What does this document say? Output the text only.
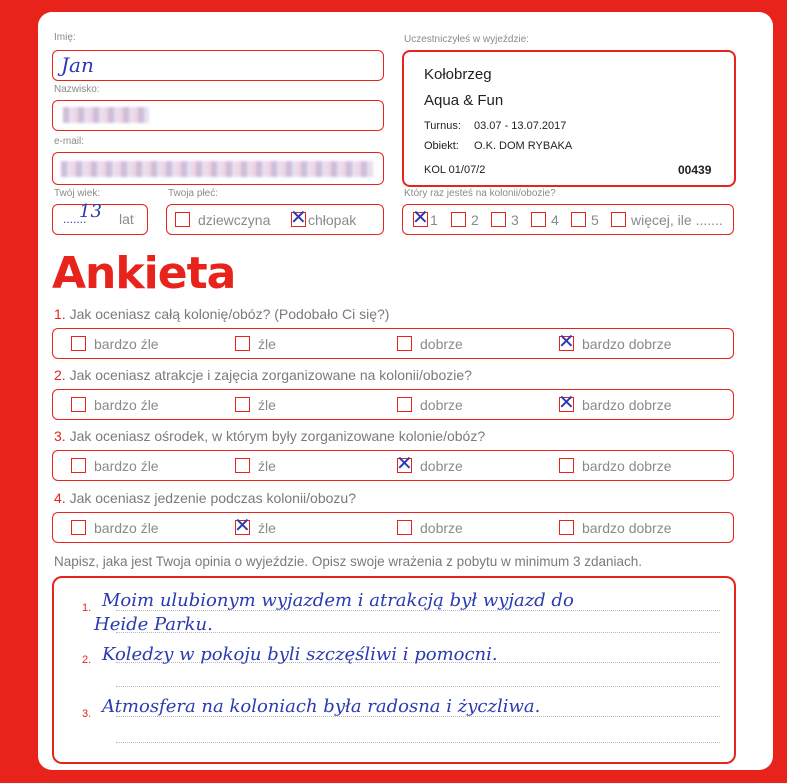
Imię:
Jan
Nazwisko:
e-mail:
Twój wiek:
13
....... lat
Twoja płeć:
dziewczyna ✕	chłopak
Uczestniczyłeś w wyjeździe:
Kołobrzeg
Aqua & Fun
Turnus: 03.07 - 13.07.2017
Obiekt: O.K. DOM RYBAKA
KOL 01/07/2	00439
Który raz jesteś na kolonii/obozie?
✕
1 2 3 4 5 więcej, ile .......
Ankieta
1. Jak oceniasz całą kolonię/obóz? (Podobało Ci się?)
bardzo źle	źle	dobrze ✕	bardzo dobrze
2. Jak oceniasz atrakcje i zajęcia zorganizowane na kolonii/obozie?
bardzo źle	źle	dobrze ✕	bardzo dobrze
3. Jak oceniasz ośrodek, w którym były zorganizowane kolonie/obóz?
bardzo źle	źle ✕	dobrze	bardzo dobrze
4. Jak oceniasz jedzenie podczas kolonii/obozu?
bardzo źle ✕	źle	dobrze	bardzo dobrze
Napisz, jaka jest Twoja opinia o wyjeździe. Opisz swoje wrażenia z pobytu w minimum 3 zdaniach.
1.
2.
3.
Moim ulubionym wyjazdem i atrakcją był wyjazd do
Heide Parku.
Koledzy w pokoju byli szczęśliwi i pomocni.
Atmosfera na koloniach była radosna i życzliwa.
